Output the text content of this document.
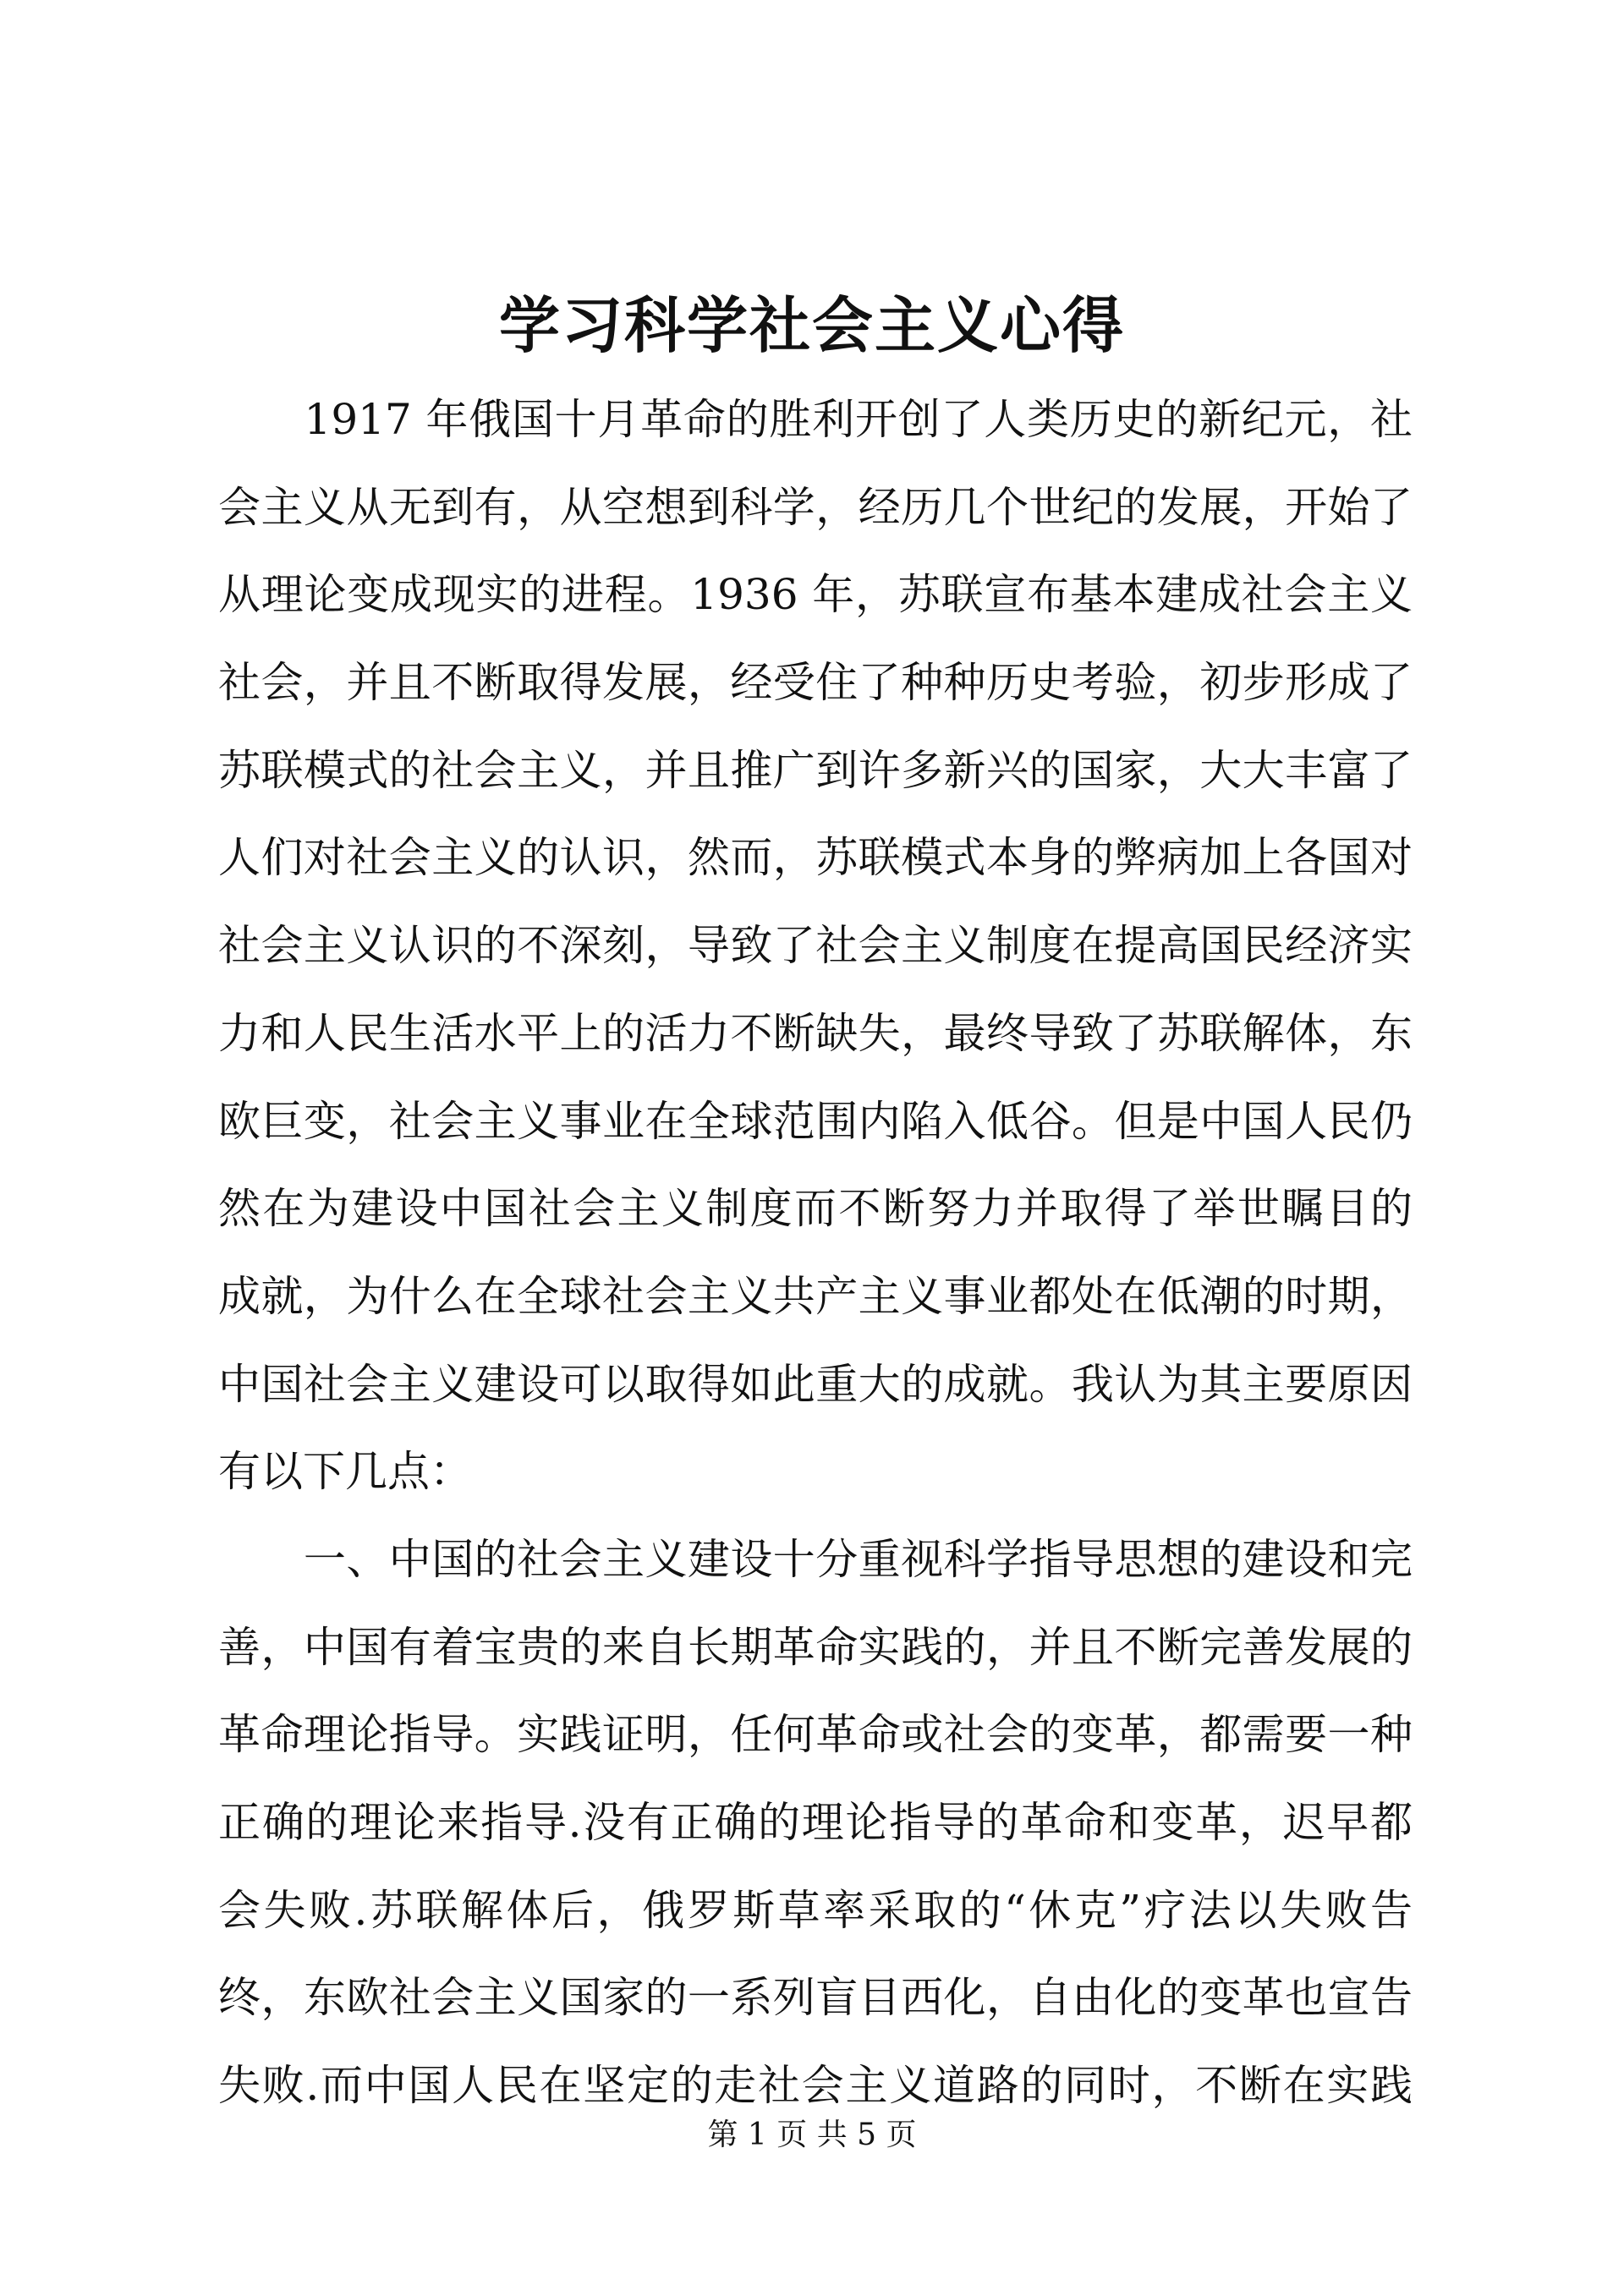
学习科学社会主义心得
　　1917 年俄国十月革命的胜利开创了人类历史的新纪元，社
会主义从无到有，从空想到科学，经历几个世纪的发展，开始了
从理论变成现实的进程。1936 年，苏联宣布基本建成社会主义
社会，并且不断取得发展，经受住了种种历史考验，初步形成了
苏联模式的社会主义，并且推广到许多新兴的国家，大大丰富了
人们对社会主义的认识，然而，苏联模式本身的弊病加上各国对
社会主义认识的不深刻，导致了社会主义制度在提高国民经济实
力和人民生活水平上的活力不断缺失，最终导致了苏联解体，东
欧巨变，社会主义事业在全球范围内陷入低谷。但是中国人民仍
然在为建设中国社会主义制度而不断努力并取得了举世瞩目的
成就，为什么在全球社会主义共产主义事业都处在低潮的时期，
中国社会主义建设可以取得如此重大的成就。我认为其主要原因
有以下几点：
　　一、中国的社会主义建设十分重视科学指导思想的建设和完
善，中国有着宝贵的来自长期革命实践的，并且不断完善发展的
革命理论指导。实践证明，任何革命或社会的变革，都需要一种
正确的理论来指导.没有正确的理论指导的革命和变革，迟早都
会失败.苏联解体后，俄罗斯草率采取的“休克”疗法以失败告
终，东欧社会主义国家的一系列盲目西化，自由化的变革也宣告
失败.而中国人民在坚定的走社会主义道路的同时，不断在实践
第 1 页 共 5 页
